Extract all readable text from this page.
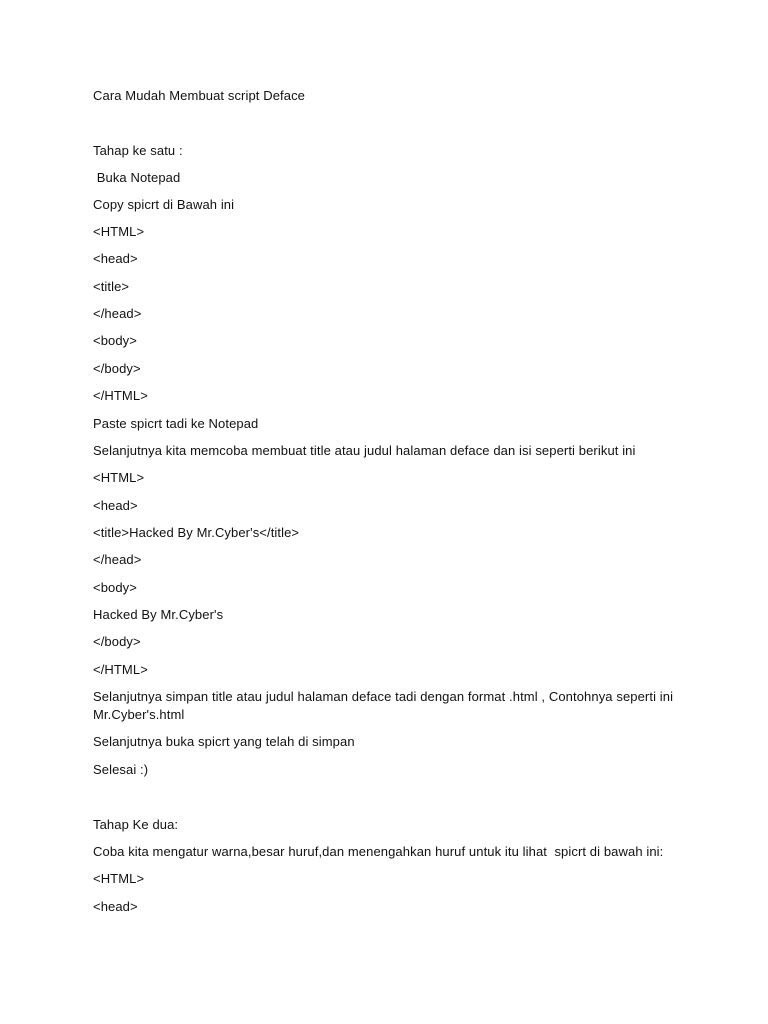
Cara Mudah Membuat script Deface
Tahap ke satu :
Buka Notepad
Copy spicrt di Bawah ini
<HTML>
<head>
<title>
</head>
<body>
</body>
</HTML>
Paste spicrt tadi ke Notepad
Selanjutnya kita memcoba membuat title atau judul halaman deface dan isi seperti berikut ini
<HTML>
<head>
<title>Hacked By Mr.Cyber's</title>
</head>
<body>
Hacked By Mr.Cyber's
</body>
</HTML>
Selanjutnya simpan title atau judul halaman deface tadi dengan format .html , Contohnya seperti ini
Mr.Cyber's.html
Selanjutnya buka spicrt yang telah di simpan
Selesai :)
Tahap Ke dua:
Coba kita mengatur warna,besar huruf,dan menengahkan huruf untuk itu lihat  spicrt di bawah ini:
<HTML>
<head>
